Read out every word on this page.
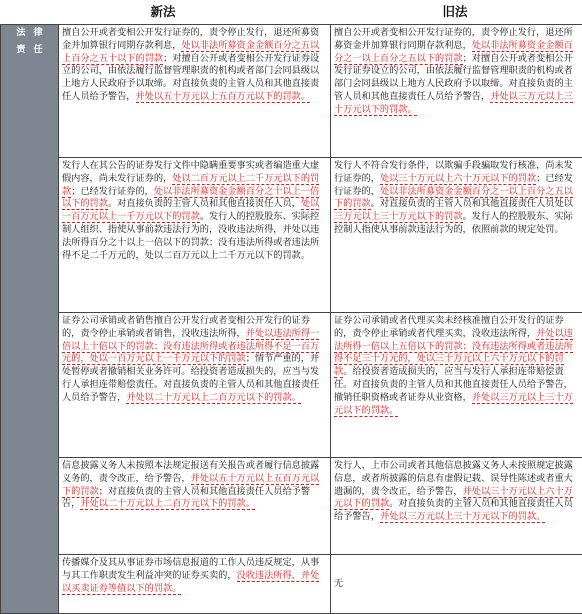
新法	旧法
法 律
责 任	擅自公开或者变相公开发行证券的，责令停止发行，退还所募资金并加算银行同期存款利息，处以非法所募资金金额百分之五以上百分之五十以下的罚款；对擅自公开或者变相公开发行证券设立的公司，由依法履行监督管理职责的机构或者部门会同县级以上地方人民政府予以取缔。对直接负责的主管人员和其他直接责任人员给予警告，并处以五十万元以上五百万元以下的罚款。	擅自公开或者变相公开发行证券的，责令停止发行，退还所募资金并加算银行同期存款利息，处以非法所募资金金额百分之一以上百分之五以下的罚款；对擅自公开或者变相公开发行证券设立的公司，由依法履行监督管理职责的机构或者部门会同县级以上地方人民政府予以取缔。对直接负责的主管人员和其他直接责任人员给予警告，并处以三万元以上三十万元以下的罚款。
	发行人在其公告的证券发行文件中隐瞒重要事实或者编造重大虚假内容，尚未发行证券的，处以二百万元以上二千万元以下的罚款；已经发行证券的，处以非法所募资金金额百分之十以上一倍以下的罚款。对直接负责的主管人员和其他直接责任人员，处以一百万元以上一千万元以下的罚款。发行人的控股股东、实际控制人组织、指使从事前款违法行为的，没收违法所得，并处以违法所得百分之十以上一倍以下的罚款；没有违法所得或者违法所得不足二千万元的，处以二百万元以上二千万元以下的罚款。	发行人不符合发行条件，以欺骗手段骗取发行核准，尚未发行证券的，处以三十万元以上六十万元以下的罚款；已经发行证券的，处以非法所募资金金额百分之一以上百分之五以下的罚款。对直接负责的主管人员和其他直接责任人员处以三万元以上三十万元以下的罚款。发行人的控股股东、实际控制人指使从事前款违法行为的，依照前款的规定处罚。
	证券公司承销或者销售擅自公开发行或者变相公开发行的证券的，责令停止承销或者销售，没收违法所得，并处以违法所得一倍以上十倍以下的罚款；没有违法所得或者违法所得不足一百万元的，处以一百万元以上一千万元以下的罚款；情节严重的，并处暂停或者撤销相关业务许可。给投资者造成损失的，应当与发行人承担连带赔偿责任。对直接负责的主管人员和其他直接责任人员给予警告，并处以二十万元以上二百万元以下的罚款。	证券公司承销或者代理买卖未经核准擅自公开发行的证券的，责令停止承销或者代理买卖，没收违法所得，并处以违法所得一倍以上五倍以下的罚款；没有违法所得或者违法所得不足三十万元的，处以三十万元以上六十万元以下的罚款。给投资者造成损失的，应当与发行人承担连带赔偿责任。对直接负责的主管人员和其他直接责任人员给予警告，撤销任职资格或者证券从业资格，并处以三万元以上三十万元以下的罚款。
	信息披露义务人未按照本法规定报送有关报告或者履行信息披露义务的，责令改正，给予警告，并处以五十万元以上五百万元以下的罚款；对直接负责的主管人员和其他直接责任人员给予警告，并处以二十万元以上二百万元以下的罚款。	发行人、上市公司或者其他信息披露义务人未按照规定披露信息，或者所披露的信息有虚假记载、误导性陈述或者重大遗漏的，责令改正，给予警告，并处以三十万元以上六十万元以下的罚款。对直接负责的主管人员和其他直接责任人员给予警告，并处以三万元以上三十万元以下的罚款。
	传播媒介及其从事证券市场信息报道的工作人员违反规定，从事与其工作职责发生利益冲突的证券买卖的，没收违法所得，并处以买卖证券等值以下的罚款。	无
